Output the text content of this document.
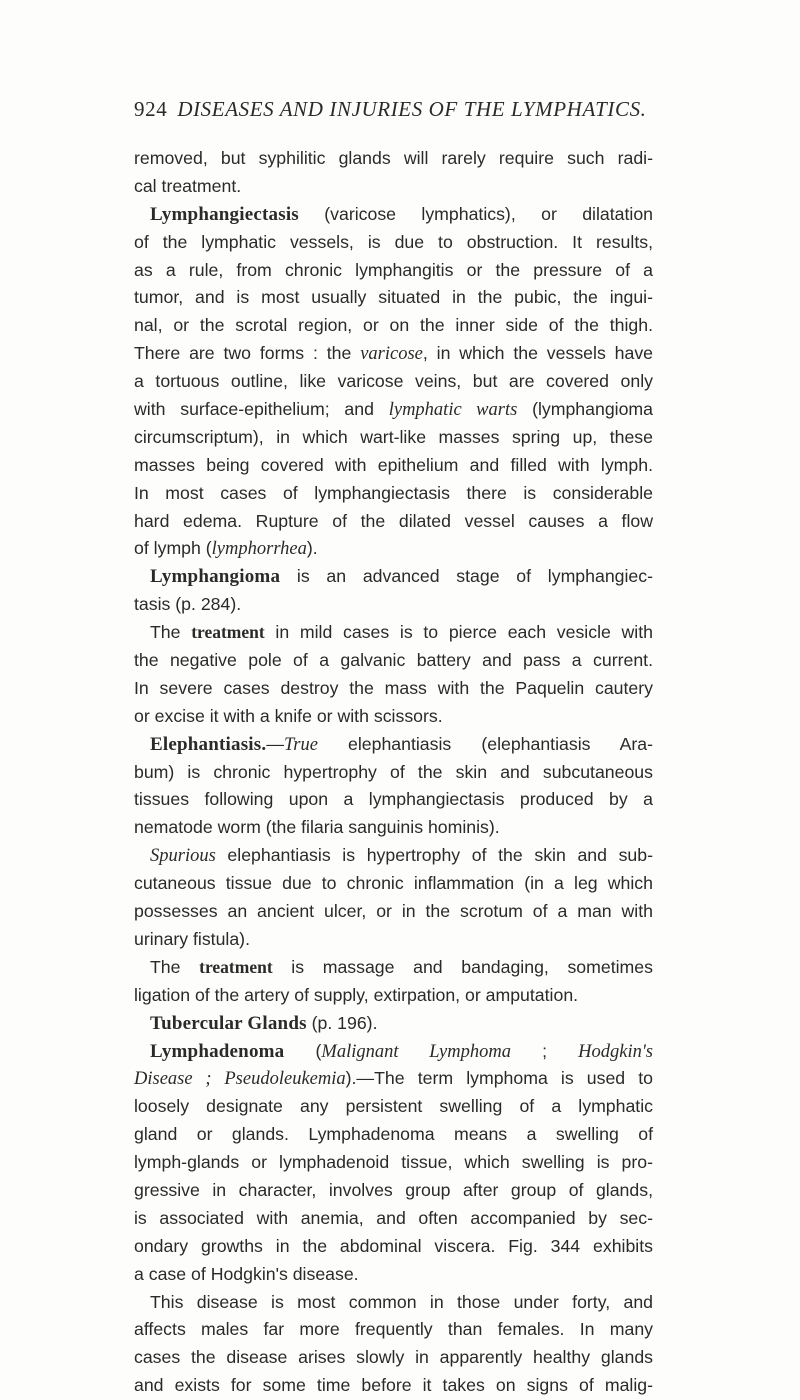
924 DISEASES AND INJURIES OF THE LYMPHATICS.
removed, but syphilitic glands will rarely require such radi-
cal treatment.
Lymphangiectasis (varicose lymphatics), or dilatation
of the lymphatic vessels, is due to obstruction. It results,
as a rule, from chronic lymphangitis or the pressure of a
tumor, and is most usually situated in the pubic, the ingui-
nal, or the scrotal region, or on the inner side of the thigh.
There are two forms : the varicose, in which the vessels have
a tortuous outline, like varicose veins, but are covered only
with surface-epithelium; and lymphatic warts (lymphangioma
circumscriptum), in which wart-like masses spring up, these
masses being covered with epithelium and filled with lymph.
In most cases of lymphangiectasis there is considerable
hard edema. Rupture of the dilated vessel causes a flow
of lymph (lymphorrhea).
Lymphangioma is an advanced stage of lymphangiec-
tasis (p. 284).
The treatment in mild cases is to pierce each vesicle with
the negative pole of a galvanic battery and pass a current.
In severe cases destroy the mass with the Paquelin cautery
or excise it with a knife or with scissors.
Elephantiasis.—True elephantiasis (elephantiasis Ara-
bum) is chronic hypertrophy of the skin and subcutaneous
tissues following upon a lymphangiectasis produced by a
nematode worm (the filaria sanguinis hominis).
Spurious elephantiasis is hypertrophy of the skin and sub-
cutaneous tissue due to chronic inflammation (in a leg which
possesses an ancient ulcer, or in the scrotum of a man with
urinary fistula).
The treatment is massage and bandaging, sometimes
ligation of the artery of supply, extirpation, or amputation.
Tubercular Glands (p. 196).
Lymphadenoma (Malignant Lymphoma ; Hodgkin's
Disease ; Pseudoleukemia).—The term lymphoma is used to
loosely designate any persistent swelling of a lymphatic
gland or glands. Lymphadenoma means a swelling of
lymph-glands or lymphadenoid tissue, which swelling is pro-
gressive in character, involves group after group of glands,
is associated with anemia, and often accompanied by sec-
ondary growths in the abdominal viscera. Fig. 344 exhibits
a case of Hodgkin's disease.
This disease is most common in those under forty, and
affects males far more frequently than females. In many
cases the disease arises slowly in apparently healthy glands
and exists for some time before it takes on signs of malig-
